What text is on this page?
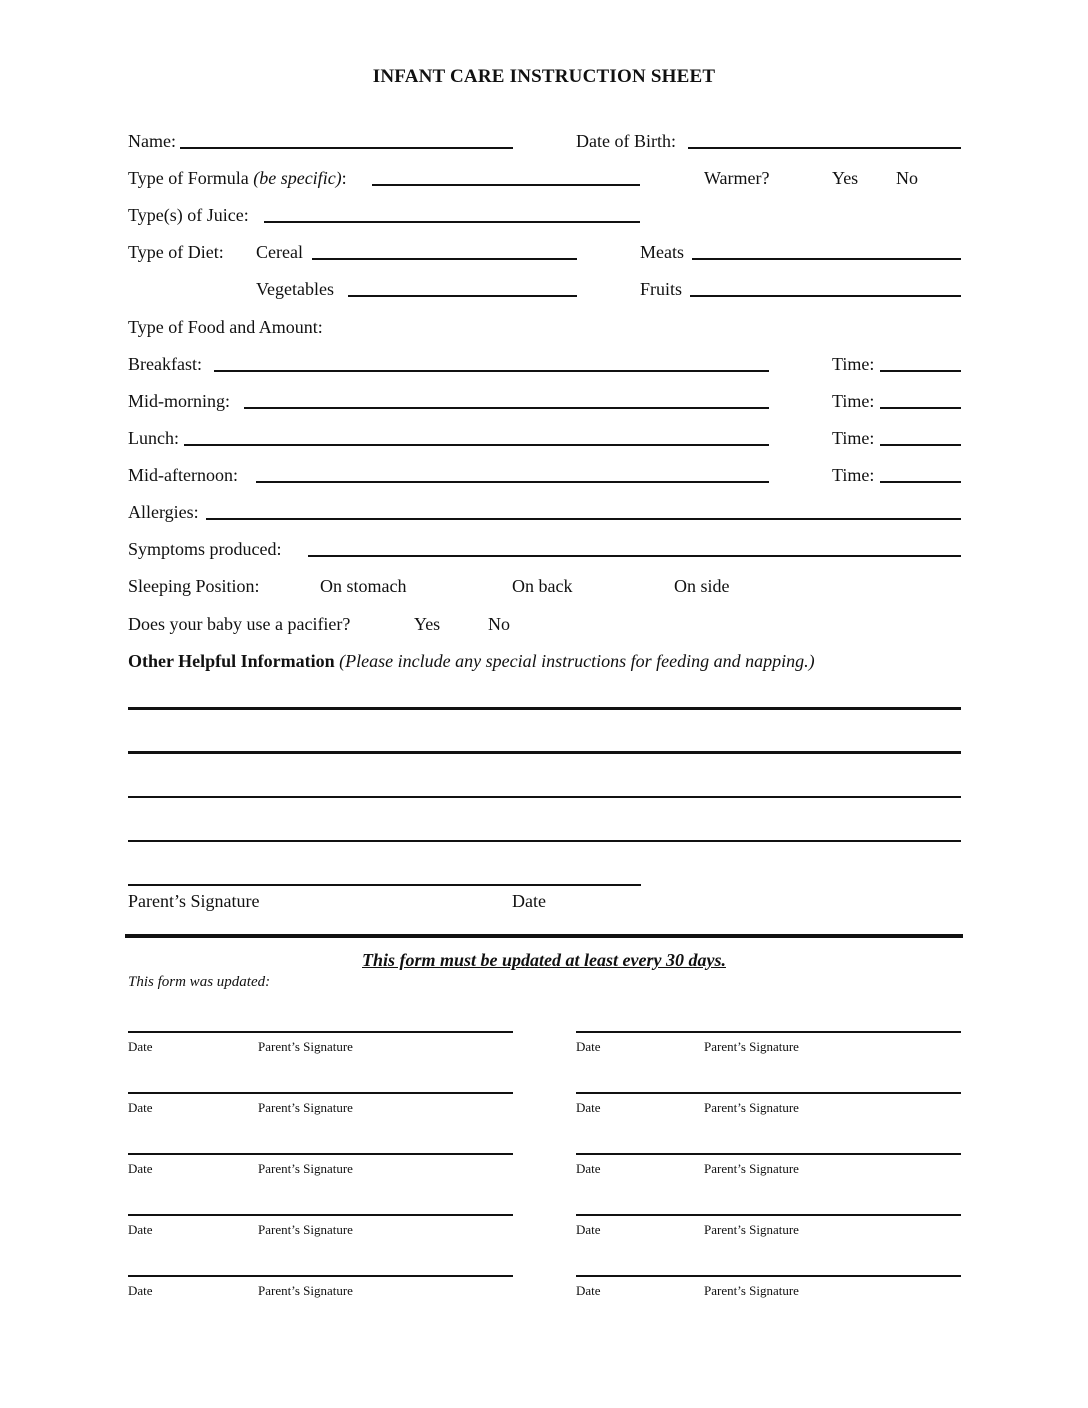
INFANT CARE INSTRUCTION SHEET
Name:	Date of Birth:
Type of Formula (be specific):	Warmer?	Yes No
Type(s) of Juice:
Type of Diet: Cereal	Meats
Vegetables	Fruits
Type of Food and Amount:
Breakfast:	Time:
Mid-morning:	Time:
Lunch:	Time:
Mid-afternoon:	Time:
Allergies:
Symptoms produced:
Sleeping Position:	On stomach	On back	On side
Does your baby use a pacifier?	Yes	No
Other Helpful Information (Please include any special instructions for feeding and napping.)
Parent’s Signature	Date
This form must be updated at least every 30 days.
This form was updated:
Date	Parent’s Signature	Date	Parent’s Signature
Date	Parent’s Signature	Date	Parent’s Signature
Date	Parent’s Signature	Date	Parent’s Signature
Date	Parent’s Signature	Date	Parent’s Signature
Date	Parent’s Signature	Date	Parent’s Signature
